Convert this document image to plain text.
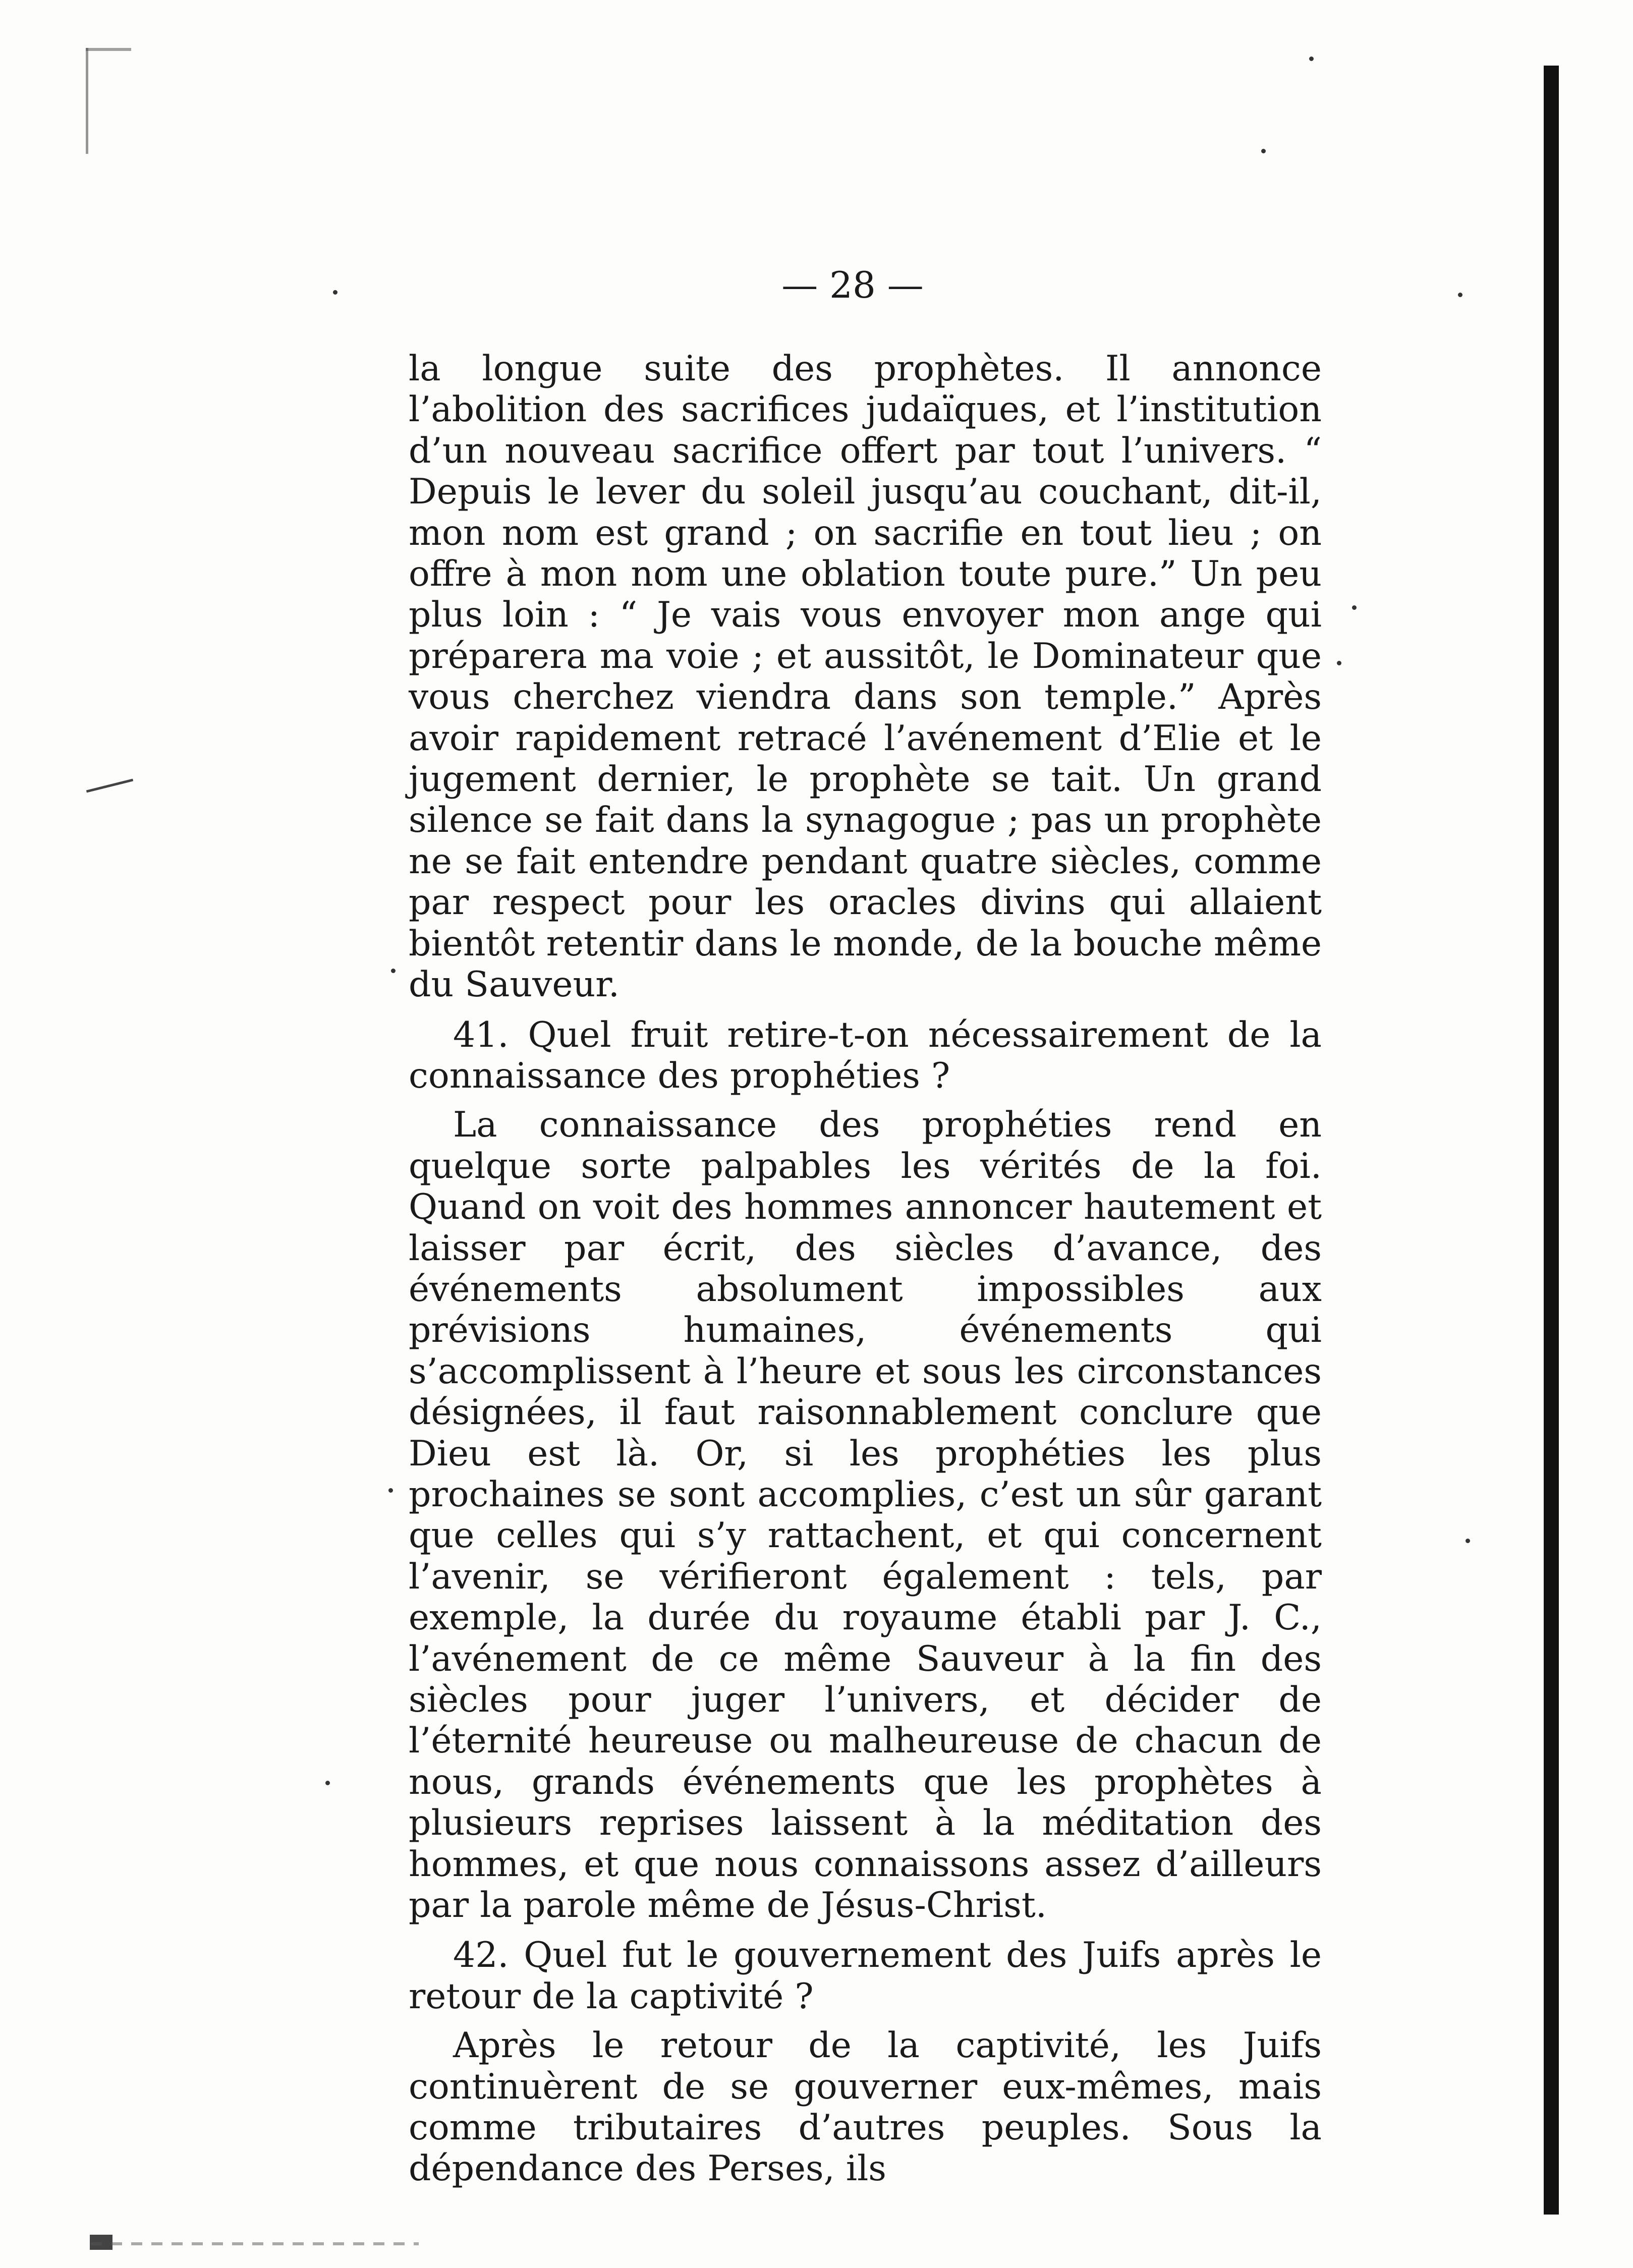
— 28 —

la longue suite des prophètes. Il annonce l’abolition des sacrifices judaïques, et l’institution d’un nouveau sacrifice offert par tout l’univers. “ Depuis le lever du soleil jusqu’au couchant, dit-il, mon nom est grand ; on sacrifie en tout lieu ; on offre à mon nom une oblation toute pure.” Un peu plus loin : “ Je vais vous envoyer mon ange qui préparera ma voie ; et aussitôt, le Dominateur que vous cherchez viendra dans son temple.” Après avoir rapidement retracé l’avénement d’Elie et le jugement dernier, le prophète se tait. Un grand silence se fait dans la synagogue ; pas un prophète ne se fait entendre pendant quatre siècles, comme par respect pour les oracles divins qui allaient bientôt retentir dans le monde, de la bouche même du Sauveur.

41. Quel fruit retire-t-on nécessairement de la connaissance des prophéties ?

La connaissance des prophéties rend en quelque sorte palpables les vérités de la foi. Quand on voit des hommes annoncer hautement et laisser par écrit, des siècles d’avance, des événements absolument impossibles aux prévisions humaines, événements qui s’accomplissent à l’heure et sous les circonstances désignées, il faut raisonnablement conclure que Dieu est là. Or, si les prophéties les plus prochaines se sont accomplies, c’est un sûr garant que celles qui s’y rattachent, et qui concernent l’avenir, se vérifieront également : tels, par exemple, la durée du royaume établi par J. C., l’avénement de ce même Sauveur à la fin des siècles pour juger l’univers, et décider de l’éternité heureuse ou malheureuse de chacun de nous, grands événements que les prophètes à plusieurs reprises laissent à la méditation des hommes, et que nous connaissons assez d’ailleurs par la parole même de Jésus-Christ.

42. Quel fut le gouvernement des Juifs après le retour de la captivité ?

Après le retour de la captivité, les Juifs continuèrent de se gouverner eux-mêmes, mais comme tributaires d’autres peuples. Sous la dépendance des Perses, ils
